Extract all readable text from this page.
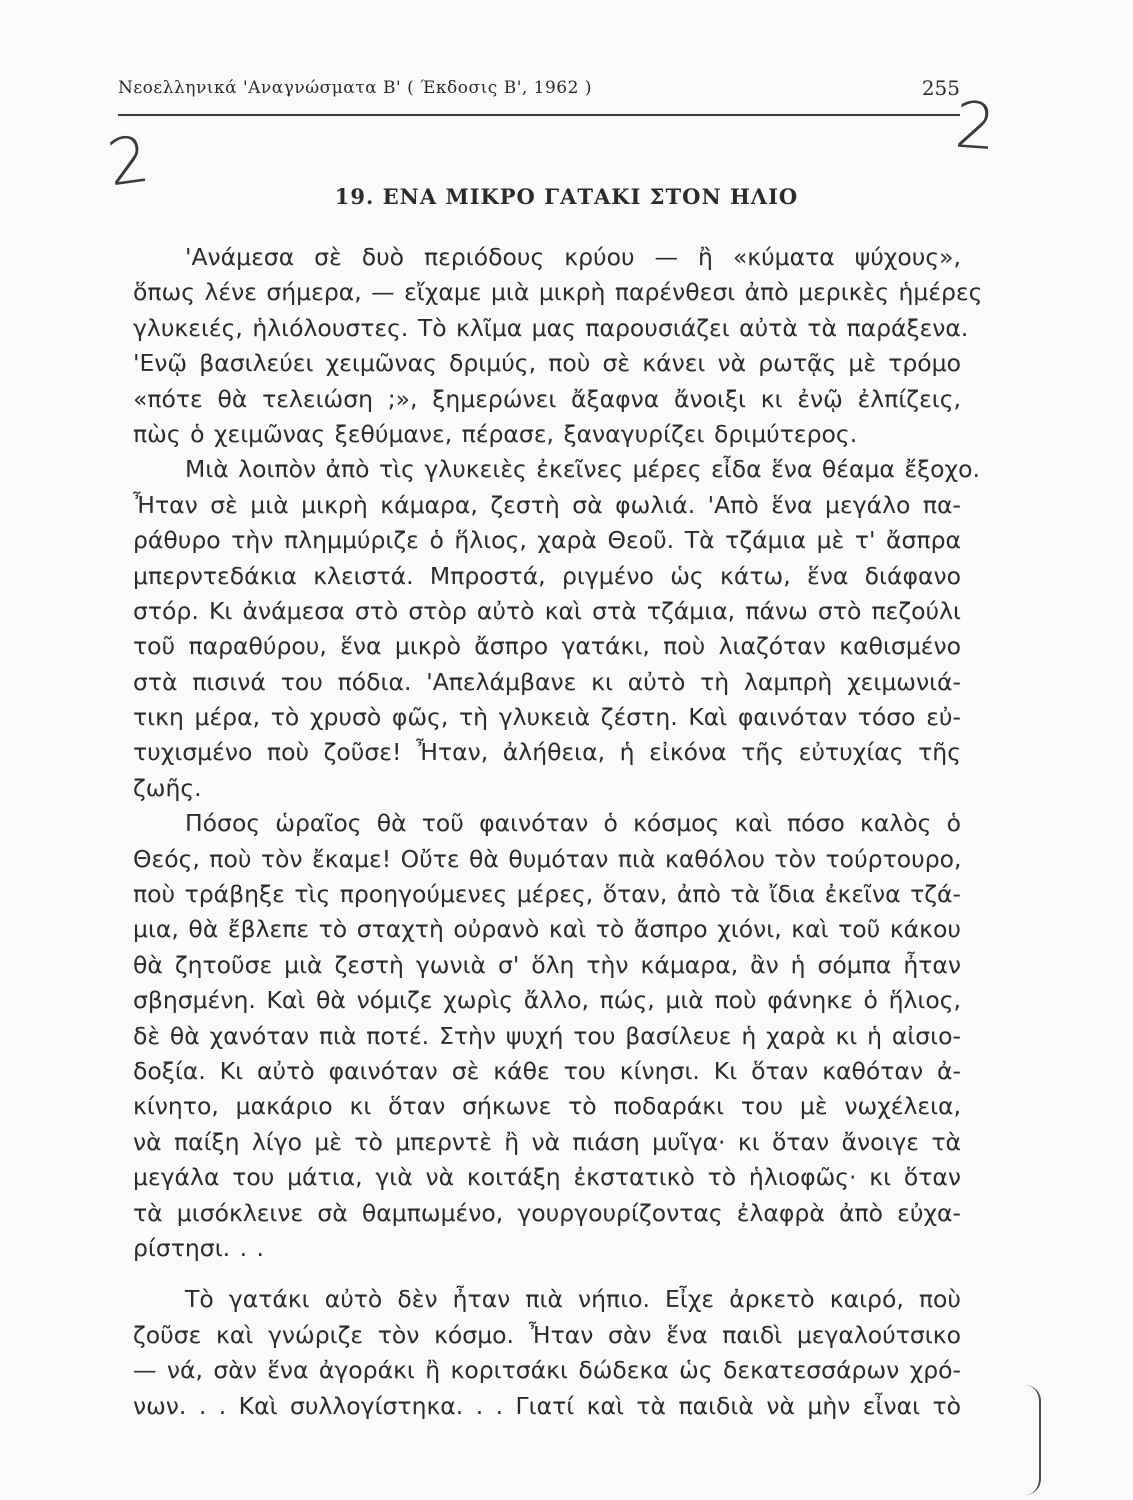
Νεοελληνικά 'Αναγνώσματα Β' ( Έκδοσις Β', 1962 )	255
2	2
19. ΕΝΑ ΜΙΚΡΟ ΓΑΤΑΚΙ ΣΤΟΝ ΗΛΙΟ
'Ανάμεσα σὲ δυὸ περιόδους κρύου — ἢ «κύματα ψύχους»,
ὅπως λένε σήμερα, — εἴχαμε μιὰ μικρὴ παρένθεσι ἀπὸ μερικὲς ἡμέρες
γλυκειές, ἡλιόλουστες. Τὸ κλῖμα μας παρουσιάζει αὐτὰ τὰ παράξενα.
'Ενῷ βασιλεύει χειμῶνας δριμύς, ποὺ σὲ κάνει νὰ ρωτᾷς μὲ τρόμο
«πότε θὰ τελειώση ;», ξημερώνει ἄξαφνα ἄνοιξι κι ἐνῷ ἐλπίζεις,
πὼς ὁ χειμῶνας ξεθύμανε, πέρασε, ξαναγυρίζει δριμύτερος.
Μιὰ λοιπὸν ἀπὸ τὶς γλυκειὲς ἐκεῖνες μέρες εἶδα ἕνα θέαμα ἔξοχο.
Ἦταν σὲ μιὰ μικρὴ κάμαρα, ζεστὴ σὰ φωλιά. 'Απὸ ἕνα μεγάλο πα-
ράθυρο τὴν πλημμύριζε ὁ ἥλιος, χαρὰ Θεοῦ. Τὰ τζάμια μὲ τ' ἄσπρα
μπερντεδάκια κλειστά. Μπροστά, ριγμένο ὡς κάτω, ἕνα διάφανο
στόρ. Κι ἀνάμεσα στὸ στὸρ αὐτὸ καὶ στὰ τζάμια, πάνω στὸ πεζούλι
τοῦ παραθύρου, ἕνα μικρὸ ἄσπρο γατάκι, ποὺ λιαζόταν καθισμένο
στὰ πισινά του πόδια. 'Απελάμβανε κι αὐτὸ τὴ λαμπρὴ χειμωνιά-
τικη μέρα, τὸ χρυσὸ φῶς, τὴ γλυκειὰ ζέστη. Καὶ φαινόταν τόσο εὐ-
τυχισμένο ποὺ ζοῦσε! Ἦταν, ἀλήθεια, ἡ εἰκόνα τῆς εὐτυχίας τῆς
ζωῆς.
Πόσος ὡραῖος θὰ τοῦ φαινόταν ὁ κόσμος καὶ πόσο καλὸς ὁ
Θεός, ποὺ τὸν ἔκαμε! Οὔτε θὰ θυμόταν πιὰ καθόλου τὸν τούρτουρο,
ποὺ τράβηξε τὶς προηγούμενες μέρες, ὅταν, ἀπὸ τὰ ἴδια ἐκεῖνα τζά-
μια, θὰ ἔβλεπε τὸ σταχτὴ οὐρανὸ καὶ τὸ ἄσπρο χιόνι, καὶ τοῦ κάκου
θὰ ζητοῦσε μιὰ ζεστὴ γωνιὰ σ' ὅλη τὴν κάμαρα, ἂν ἡ σόμπα ἦταν
σβησμένη. Καὶ θὰ νόμιζε χωρὶς ἄλλο, πώς, μιὰ ποὺ φάνηκε ὁ ἥλιος,
δὲ θὰ χανόταν πιὰ ποτέ. Στὴν ψυχή του βασίλευε ἡ χαρὰ κι ἡ αἰσιο-
δοξία. Κι αὐτὸ φαινόταν σὲ κάθε του κίνησι. Κι ὅταν καθόταν ἀ-
κίνητο, μακάριο κι ὅταν σήκωνε τὸ ποδαράκι του μὲ νωχέλεια,
νὰ παίξη λίγο μὲ τὸ μπερντὲ ἢ νὰ πιάση μυῖγα· κι ὅταν ἄνοιγε τὰ
μεγάλα του μάτια, γιὰ νὰ κοιτάξη ἐκστατικὸ τὸ ἡλιοφῶς· κι ὅταν
τὰ μισόκλεινε σὰ θαμπωμένο, γουργουρίζοντας ἐλαφρὰ ἀπὸ εὐχα-
ρίστησι. . .
Τὸ γατάκι αὐτὸ δὲν ἦταν πιὰ νήπιο. Εἶχε ἀρκετὸ καιρό, ποὺ
ζοῦσε καὶ γνώριζε τὸν κόσμο. Ἦταν σὰν ἕνα παιδὶ μεγαλούτσικο
— νά, σὰν ἕνα ἀγοράκι ἢ κοριτσάκι δώδεκα ὡς δεκατεσσάρων χρό-
νων. . . Καὶ συλλογίστηκα. . . Γιατί καὶ τὰ παιδιὰ νὰ μὴν εἶναι τὸ
